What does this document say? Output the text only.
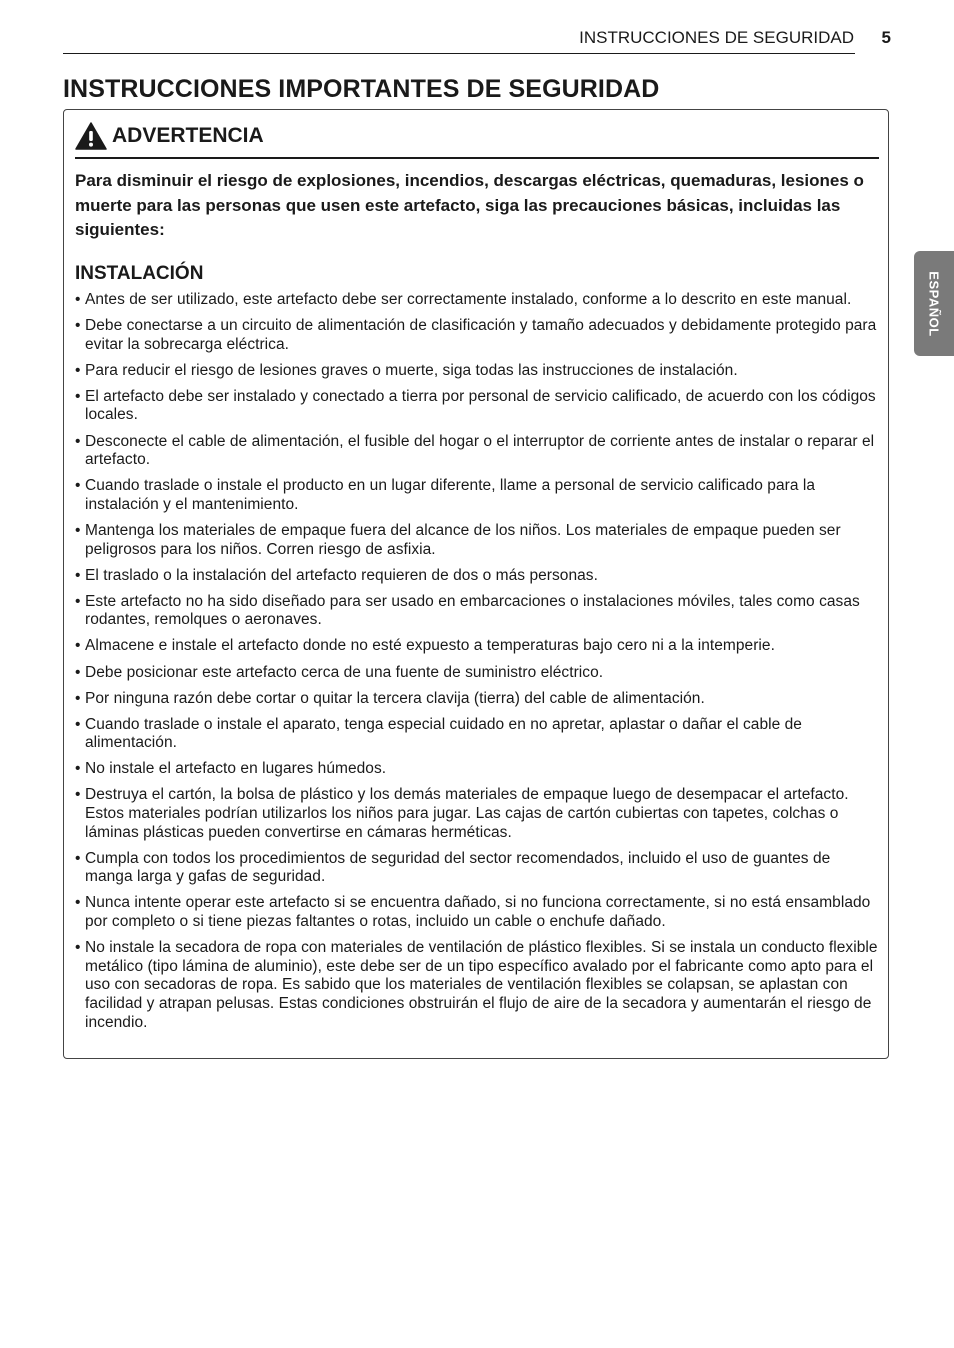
INSTRUCCIONES DE SEGURIDAD 5
INSTRUCCIONES IMPORTANTES DE SEGURIDAD
ESPAÑOL
ADVERTENCIA

Para disminuir el riesgo de explosiones, incendios, descargas eléctricas, quemaduras, lesiones o muerte para las personas que usen este artefacto, siga las precauciones básicas, incluidas las siguientes:

INSTALACIÓN
• Antes de ser utilizado, este artefacto debe ser correctamente instalado, conforme a lo descrito en este manual.
• Debe conectarse a un circuito de alimentación de clasificación y tamaño adecuados y debidamente protegido para evitar la sobrecarga eléctrica.
• Para reducir el riesgo de lesiones graves o muerte, siga todas las instrucciones de instalación.
• El artefacto debe ser instalado y conectado a tierra por personal de servicio calificado, de acuerdo con los códigos locales.
• Desconecte el cable de alimentación, el fusible del hogar o el interruptor de corriente antes de instalar o reparar el artefacto.
• Cuando traslade o instale el producto en un lugar diferente, llame a personal de servicio calificado para la instalación y el mantenimiento.
• Mantenga los materiales de empaque fuera del alcance de los niños. Los materiales de empaque pueden ser peligrosos para los niños. Corren riesgo de asfixia.
• El traslado o la instalación del artefacto requieren de dos o más personas.
• Este artefacto no ha sido diseñado para ser usado en embarcaciones o instalaciones móviles, tales como casas rodantes, remolques o aeronaves.
• Almacene e instale el artefacto donde no esté expuesto a temperaturas bajo cero ni a la intemperie.
• Debe posicionar este artefacto cerca de una fuente de suministro eléctrico.
• Por ninguna razón debe cortar o quitar la tercera clavija (tierra) del cable de alimentación.
• Cuando traslade o instale el aparato, tenga especial cuidado en no apretar, aplastar o dañar el cable de alimentación.
• No instale el artefacto en lugares húmedos.
• Destruya el cartón, la bolsa de plástico y los demás materiales de empaque luego de desempacar el artefacto. Estos materiales podrían utilizarlos los niños para jugar. Las cajas de cartón cubiertas con tapetes, colchas o láminas plásticas pueden convertirse en cámaras herméticas.
• Cumpla con todos los procedimientos de seguridad del sector recomendados, incluido el uso de guantes de manga larga y gafas de seguridad.
• Nunca intente operar este artefacto si se encuentra dañado, si no funciona correctamente, si no está ensamblado por completo o si tiene piezas faltantes o rotas, incluido un cable o enchufe dañado.
• No instale la secadora de ropa con materiales de ventilación de plástico flexibles. Si se instala un conducto flexible metálico (tipo lámina de aluminio), este debe ser de un tipo específico avalado por el fabricante como apto para el uso con secadoras de ropa. Es sabido que los materiales de ventilación flexibles se colapsan, se aplastan con facilidad y atrapan pelusas. Estas condiciones obstruirán el flujo de aire de la secadora y aumentarán el riesgo de incendio.
